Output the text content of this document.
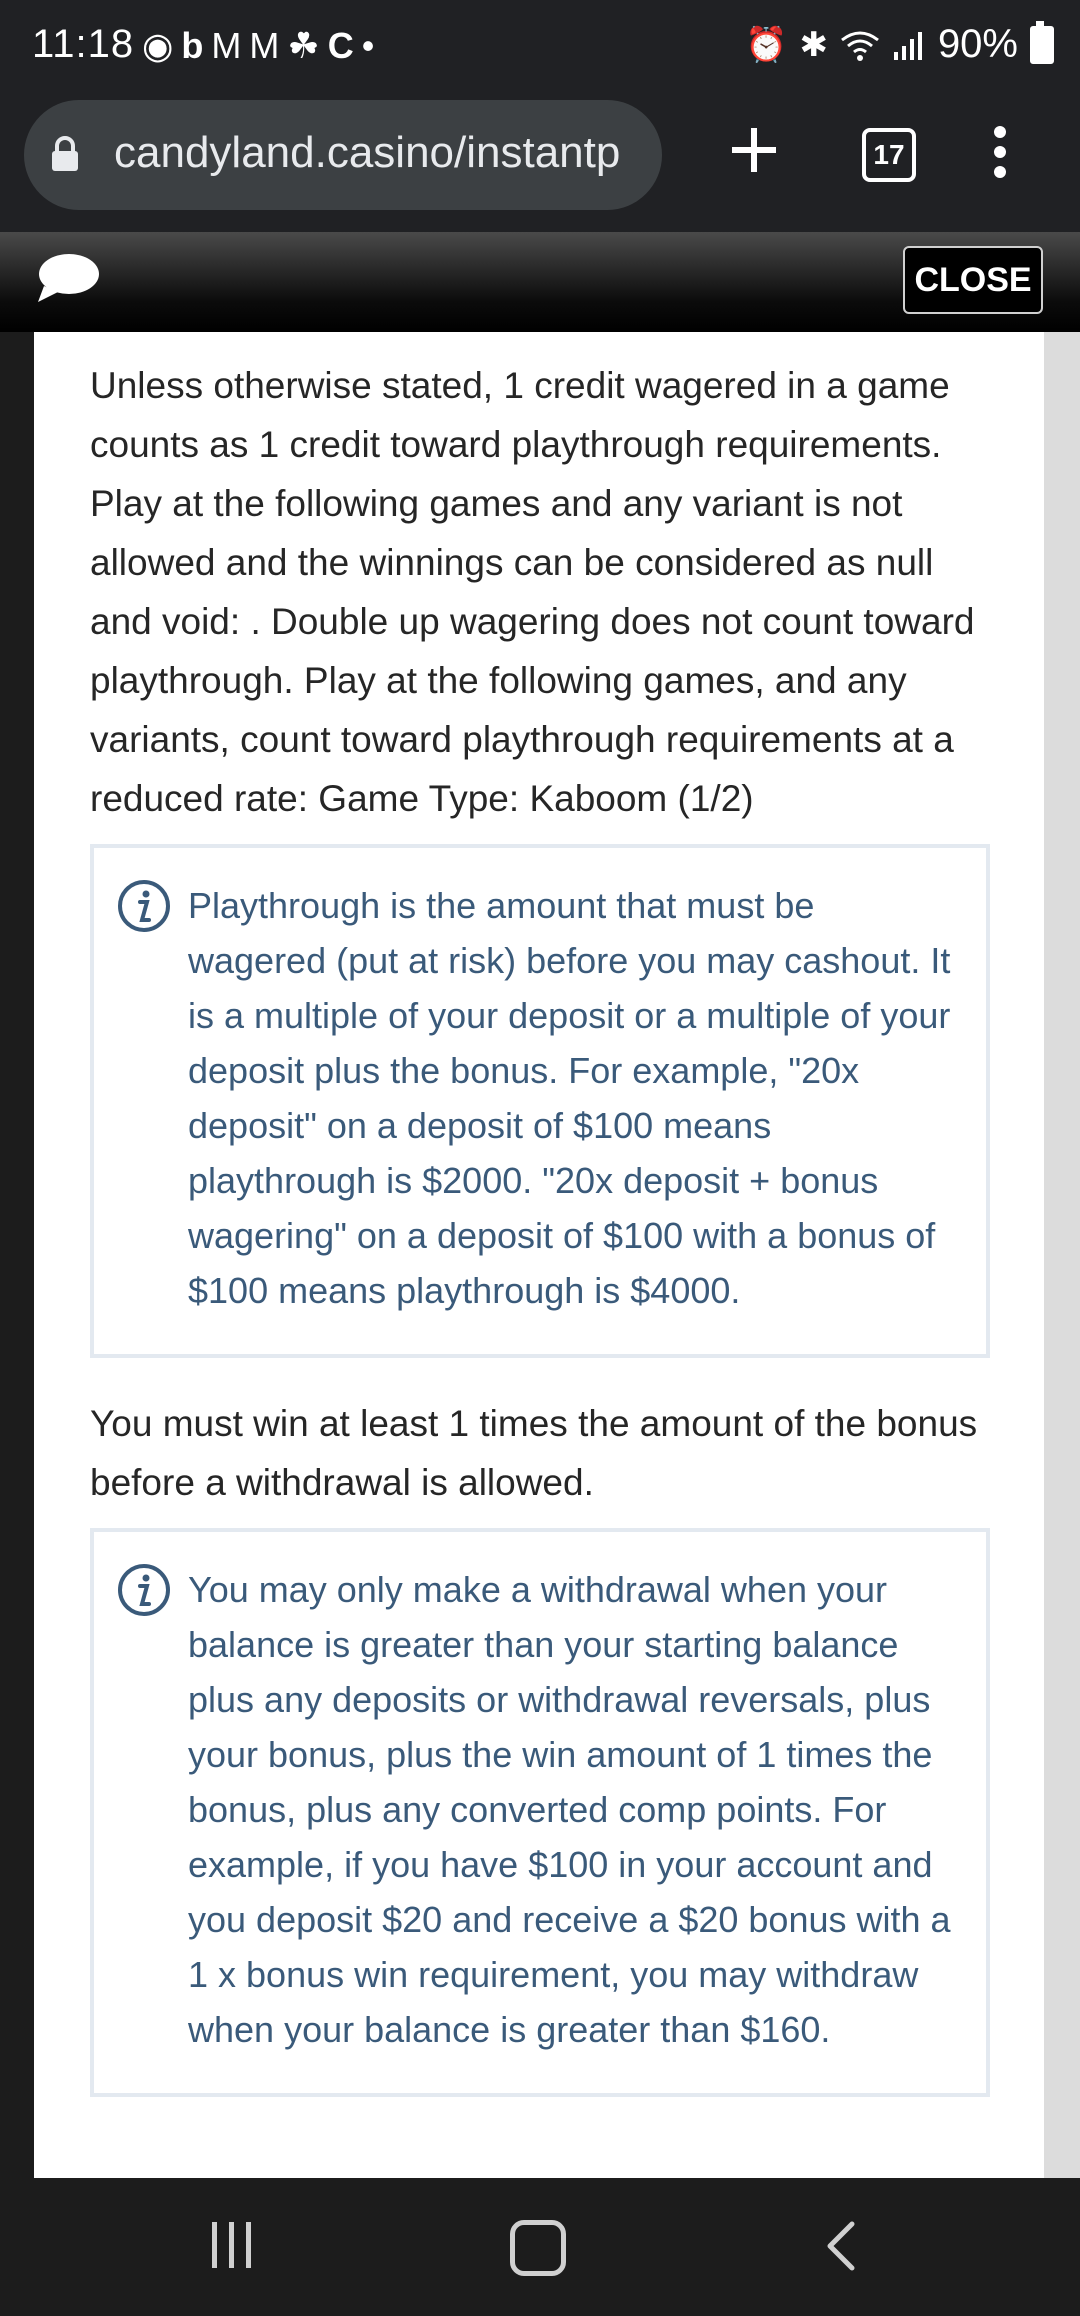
11:18 ◉ b M M ☘ C •	⏰ ✱	90%
candyland.casino/instantp	17
CLOSE

Unless otherwise stated, 1 credit wagered in a game counts as 1 credit toward playthrough requirements. Play at the following games and any variant is not allowed and the winnings can be considered as null and void: . Double up wagering does not count toward playthrough. Play at the following games, and any variants, count toward playthrough requirements at a reduced rate: Game Type: Kaboom (1/2)

Playthrough is the amount that must be wagered (put at risk) before you may cashout. It is a multiple of your deposit or a multiple of your deposit plus the bonus. For example, "20x deposit" on a deposit of $100 means playthrough is $2000. "20x deposit + bonus wagering" on a deposit of $100 with a bonus of $100 means playthrough is $4000.

You must win at least 1 times the amount of the bonus before a withdrawal is allowed.

You may only make a withdrawal when your balance is greater than your starting balance plus any deposits or withdrawal reversals, plus your bonus, plus the win amount of 1 times the bonus, plus any converted comp points. For example, if you have $100 in your account and you deposit $20 and receive a $20 bonus with a 1 x bonus win requirement, you may withdraw when your balance is greater than $160.
